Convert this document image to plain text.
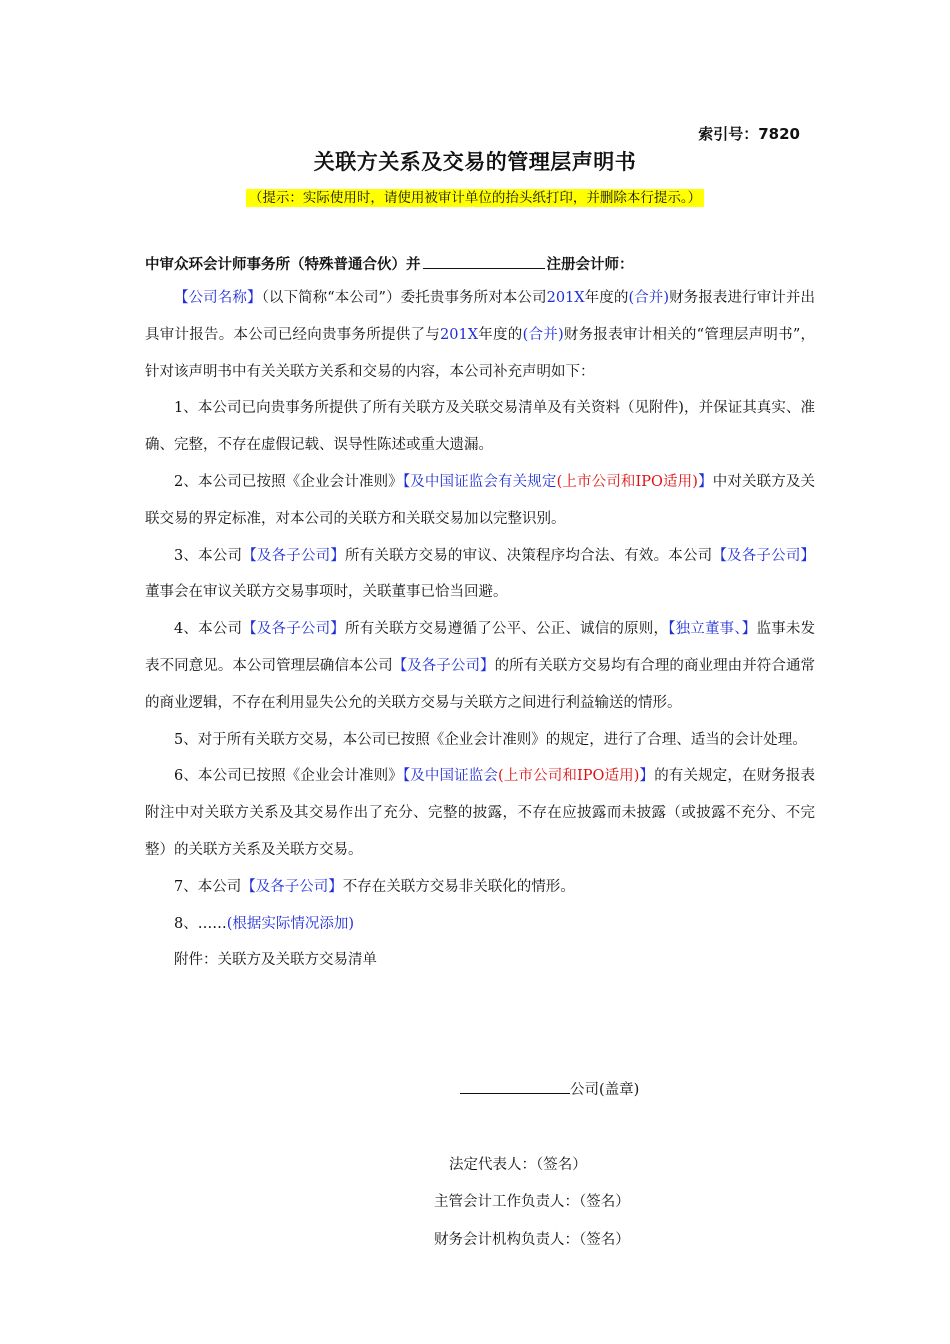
索引号：7820
关联方关系及交易的管理层声明书
（提示：实际使用时，请使用被审计单位的抬头纸打印，并删除本行提示。）
中审众环会计师事务所（特殊普通合伙）并	注册会计师：

【公司名称】（以下简称“本公司”）委托贵事务所对本公司201X年度的(合并)财务报表进行审计并出具审计报告。本公司已经向贵事务所提供了与201X年度的(合并)财务报表审计相关的“管理层声明书”，针对该声明书中有关关联方关系和交易的内容，本公司补充声明如下：

1、本公司已向贵事务所提供了所有关联方及关联交易清单及有关资料（见附件)，并保证其真实、准确、完整，不存在虚假记载、误导性陈述或重大遗漏。

2、本公司已按照《企业会计准则》【及中国证监会有关规定(上市公司和IPO适用)】中对关联方及关联交易的界定标准，对本公司的关联方和关联交易加以完整识别。

3、本公司【及各子公司】所有关联方交易的审议、决策程序均合法、有效。本公司【及各子公司】董事会在审议关联方交易事项时，关联董事已恰当回避。

4、本公司【及各子公司】所有关联方交易遵循了公平、公正、诚信的原则，【独立董事、】监事未发表不同意见。本公司管理层确信本公司【及各子公司】的所有关联方交易均有合理的商业理由并符合通常的商业逻辑，不存在利用显失公允的关联方交易与关联方之间进行利益输送的情形。

5、对于所有关联方交易，本公司已按照《企业会计准则》的规定，进行了合理、适当的会计处理。

6、本公司已按照《企业会计准则》【及中国证监会(上市公司和IPO适用)】的有关规定，在财务报表附注中对关联方关系及其交易作出了充分、完整的披露，不存在应披露而未披露（或披露不充分、不完整）的关联方关系及关联方交易。

7、本公司【及各子公司】不存在关联方交易非关联化的情形。

8、……(根据实际情况添加)

附件：关联方及关联方交易清单

公司(盖章)
法定代表人：（签名）
主管会计工作负责人：（签名）
财务会计机构负责人：（签名）
